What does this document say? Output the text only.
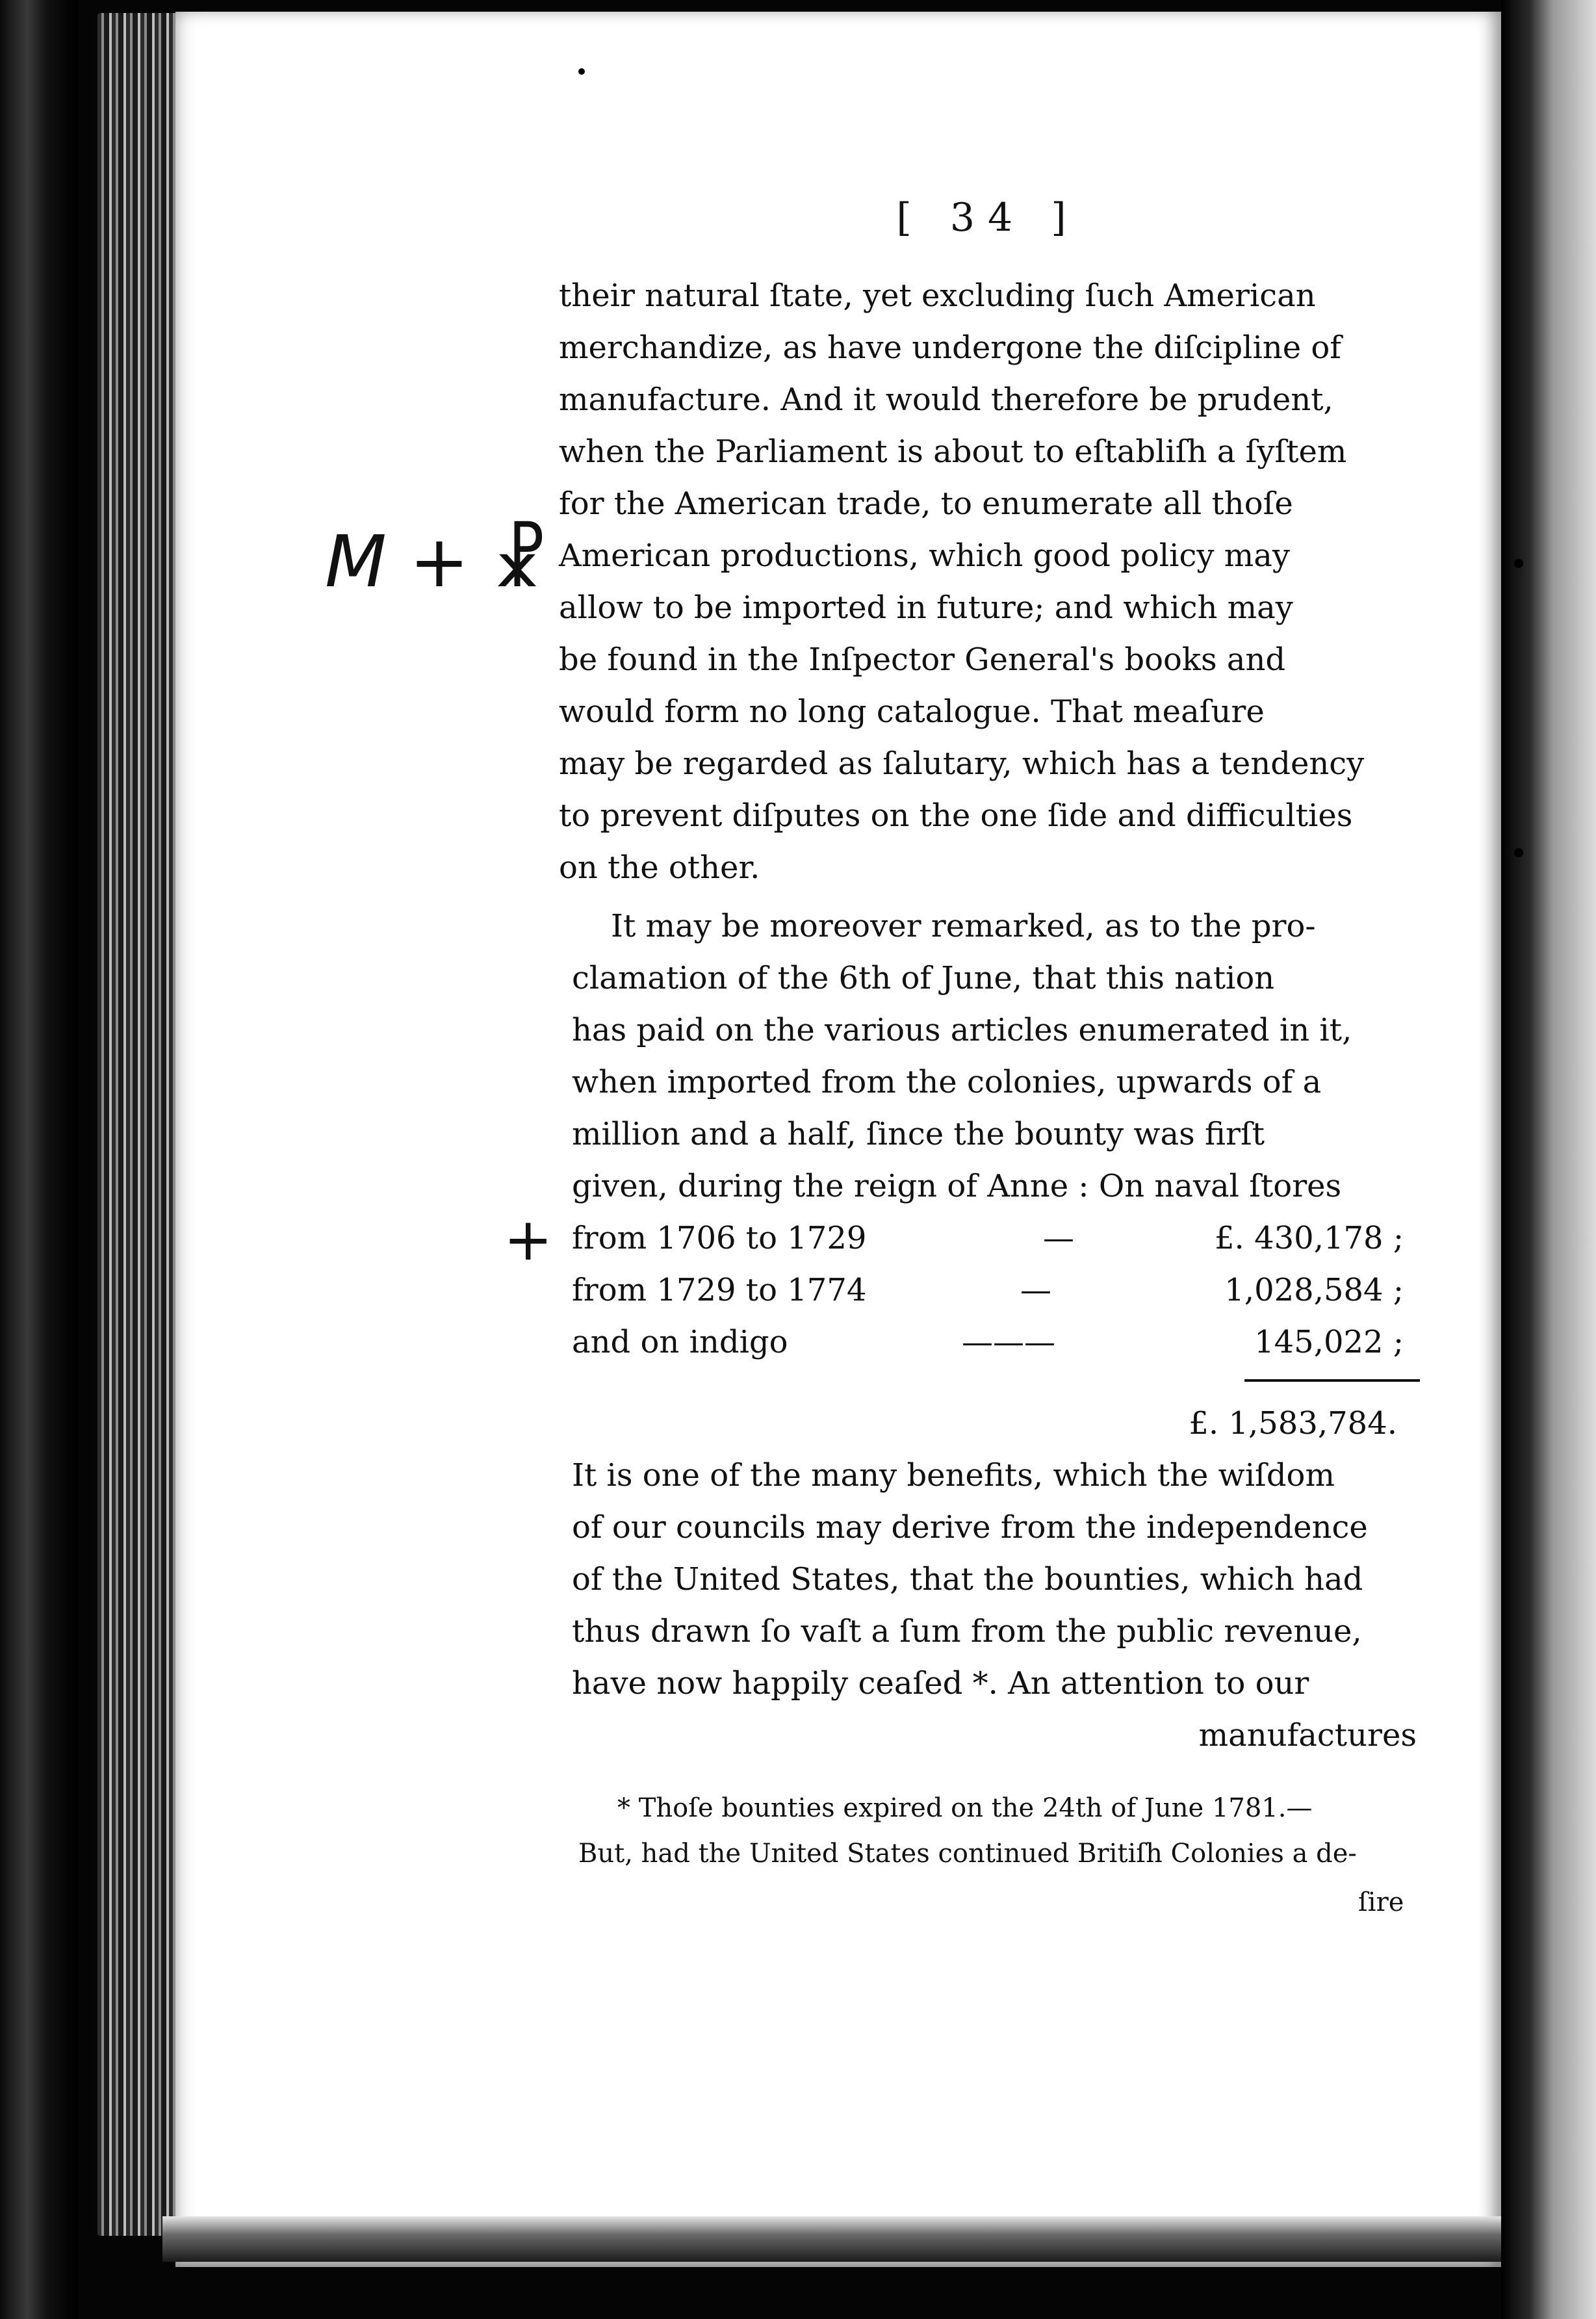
[ 34 ]
their natural ſtate, yet excluding ſuch American
merchandize, as have undergone the diſcipline of
manufacture. And it would therefore be prudent,
when the Parliament is about to eſtabliſh a ſyſtem
for the American trade, to enumerate all thoſe
American productions, which good policy may
allow to be imported in future; and which may
be found in the Inſpector General's books and
would form no long catalogue. That meaſure
may be regarded as ſalutary, which has a tendency
to prevent diſputes on the one ſide and difficulties
on the other.
It may be moreover remarked, as to the pro-
clamation of the 6th of June, that this nation
has paid on the various articles enumerated in it,
when imported from the colonies, upwards of a
million and a half, ſince the bounty was firſt
given, during the reign of Anne : On naval ſtores
from 1706 to 1729	—	£. 430,178 ;
from 1729 to 1774	—	1,028,584 ;
and on indigo	———	145,022 ;
£. 1,583,784.
It is one of the many benefits, which the wiſdom
of our councils may derive from the independence
of the United States, that the bounties, which had
thus drawn ſo vaſt a ſum from the public revenue,
have now happily ceaſed *. An attention to our
manufactures
* Thoſe bounties expired on the 24th of June 1781.—
But, had the United States continued Britiſh Colonies a de-
ſire
M + ☧
+
